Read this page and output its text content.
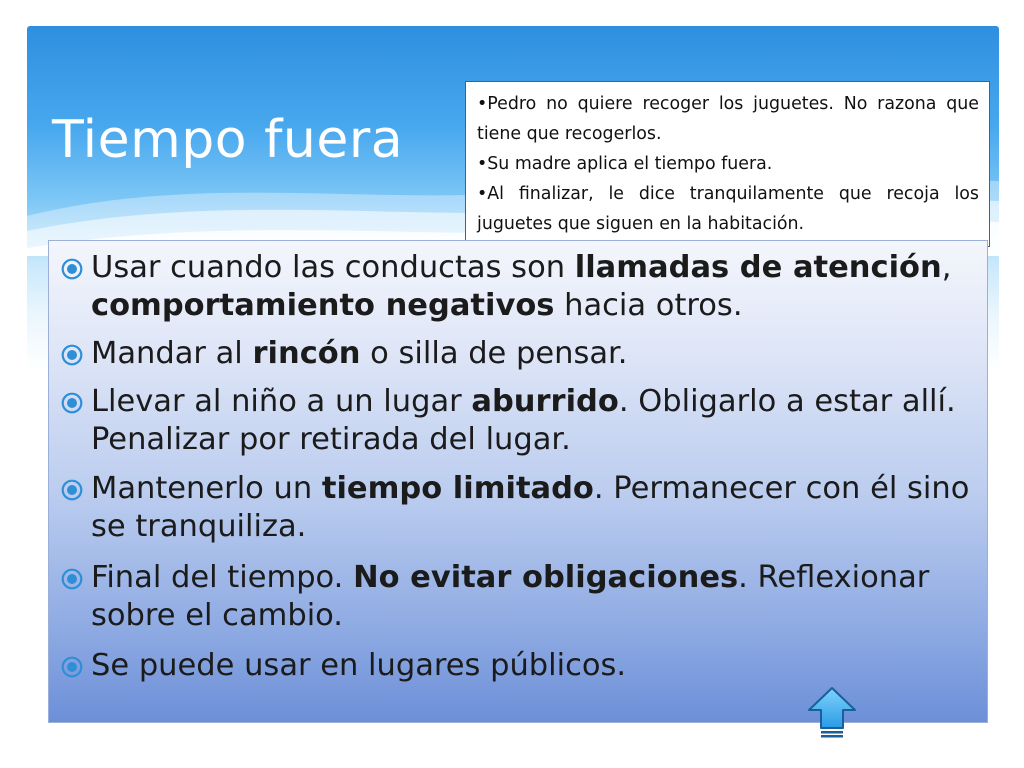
Tiempo fuera

•Pedro no quiere recoger los juguetes. No razona que tiene que recogerlos.

•Su madre aplica el tiempo fuera.

•Al finalizar, le dice tranquilamente que recoja los juguetes que siguen en la habitación.

Usar cuando las conductas son llamadas de atención, comportamiento negativos hacia otros.
Mandar al rincón o silla de pensar.
Llevar al niño a un lugar aburrido. Obligarlo a estar allí. Penalizar por retirada del lugar.
Mantenerlo un tiempo limitado. Permanecer con él sino se tranquiliza.
Final del tiempo. No evitar obligaciones. Reflexionar sobre el cambio.
Se puede usar en lugares públicos.
